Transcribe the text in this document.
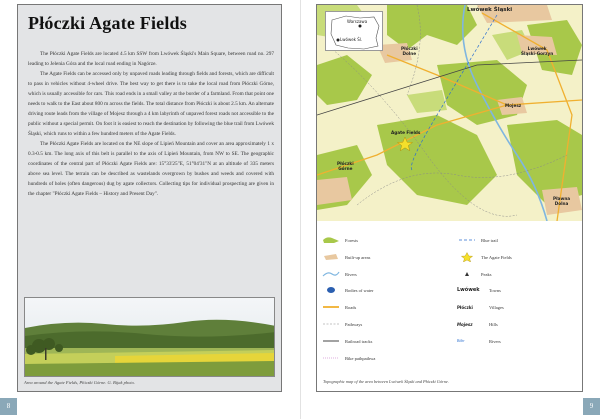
Płóczki Agate Fields

The Płóczki Agate Fields are located 4.5 km SSW from Lwówek Śląski's Main Square, between road no. 297 leading to Jelenia Góra and the local road ending in Nagórze.

The Agate Fields can be accessed only by unpaved roads leading through fields and forests, which are difficult to pass in vehicles without 4-wheel drive. The best way to get there is to take the local road from Płóczki Górne, which is usually accessible for cars. This road ends in a small valley at the border of a farmland. From that point one needs to walk to the East about 800 m across the fields. The total distance from Płóczki is about 2.5 km. An alternate driving route leads from the village of Mojesz through a 4 km labyrinth of unpaved forest roads not accessible to the public without a special permit. On foot it is easiest to reach the destination by following the blue trail from Lwówek Śląski, which runs to within a few hundred meters of the Agate Fields.

The Płóczki Agate Fields are located on the NE slope of Lipień Mountain and cover an area approximately 1 x 0.3-0.5 km. The long axis of this belt is parallel to the axis of Lipień Mountain, from NW to SE. The geographic coordinates of the central part of Płóczki Agate Fields are: 15°33'25"E, 51°04'31"N at an altitude of 335 meters above sea level. The terrain can be described as wastelands overgrown by bushes and weeds and covered with hundreds of holes (often dangerous) dug by agate collectors. Collecting tips for individual prospecting are given in the chapter "Płóczki Agate Fields – History and Present Day".

Area around the Agate Fields, Płóczki Górne. G. Bijak photo.
8
Warszawa
Lwówek Śl.
Lwówek Śląski
Płóczki
Dolne
Lwówek
Śląski-Gorzyn
Mojesz
Agate Fields
Płóczki
Górne
Pławna
Dolna
Forests
Built-up areas
Rivers
Bodies of water
Roads
Pathways
Railroad tracks
Bike pathpathwa
Blue trail
The Agate Fields
Peaks
Lwówek	Towns
Płóczki	Villages
Mojesz	Hills
Bóbr	Rivers
Topographic map of the area between Lwówek Śląski and Płóczki Górne.
9
